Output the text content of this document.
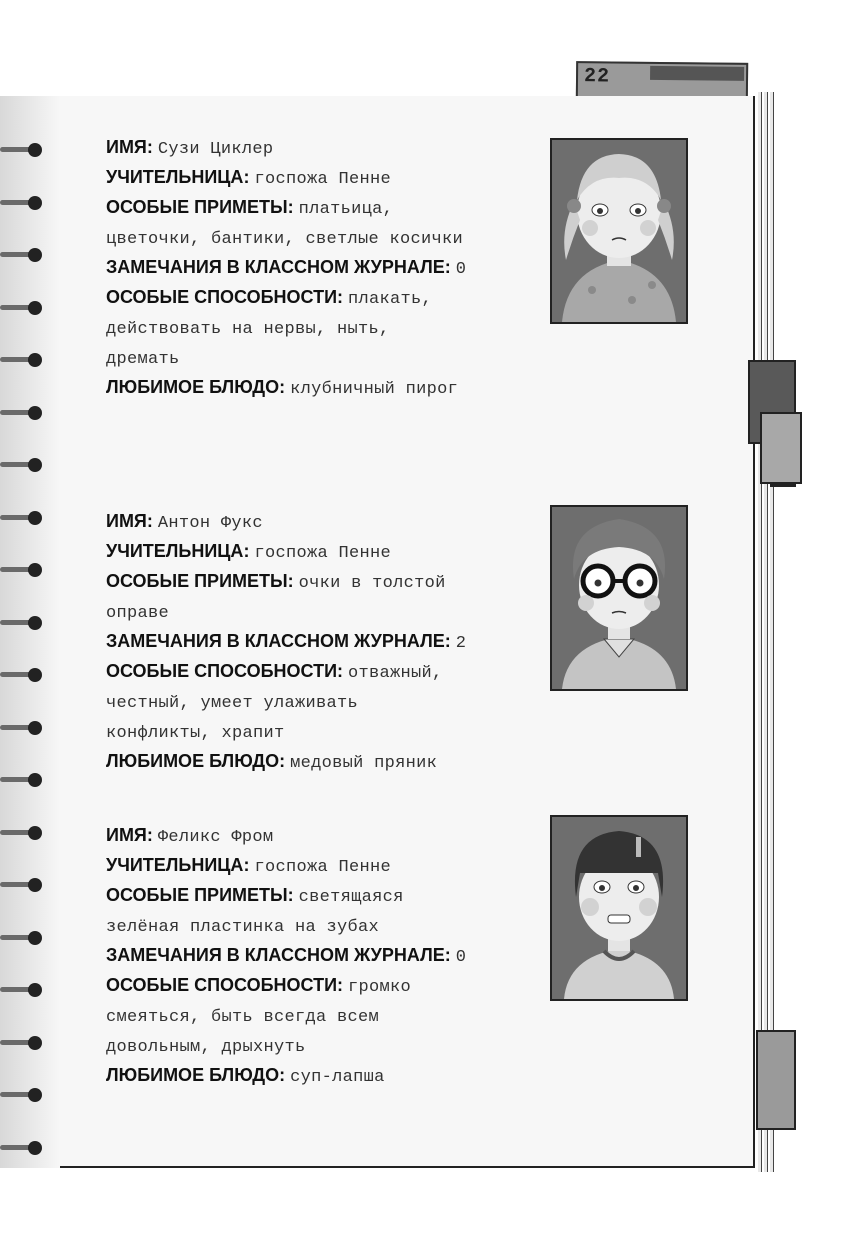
22
ИМЯ: Сузи Циклер
УЧИТЕЛЬНИЦА: госпожа Пенне
ОСОБЫЕ ПРИМЕТЫ: платьица,
цветочки, бантики, светлые косички
ЗАМЕЧАНИЯ В КЛАССНОМ ЖУРНАЛЕ: 0
ОСОБЫЕ СПОСОБНОСТИ: плакать,
действовать на нервы, ныть,
дремать
ЛЮБИМОЕ БЛЮДО: клубничный пирог
ИМЯ: Антон Фукс
УЧИТЕЛЬНИЦА: госпожа Пенне
ОСОБЫЕ ПРИМЕТЫ: очки в толстой
оправе
ЗАМЕЧАНИЯ В КЛАССНОМ ЖУРНАЛЕ: 2
ОСОБЫЕ СПОСОБНОСТИ: отважный,
честный, умеет улаживать
конфликты, храпит
ЛЮБИМОЕ БЛЮДО: медовый пряник
ИМЯ: Феликс Фром
УЧИТЕЛЬНИЦА: госпожа Пенне
ОСОБЫЕ ПРИМЕТЫ: светящаяся
зелёная пластинка на зубах
ЗАМЕЧАНИЯ В КЛАССНОМ ЖУРНАЛЕ: 0
ОСОБЫЕ СПОСОБНОСТИ: громко
смеяться, быть всегда всем
довольным, дрыхнуть
ЛЮБИМОЕ БЛЮДО: суп-лапша
